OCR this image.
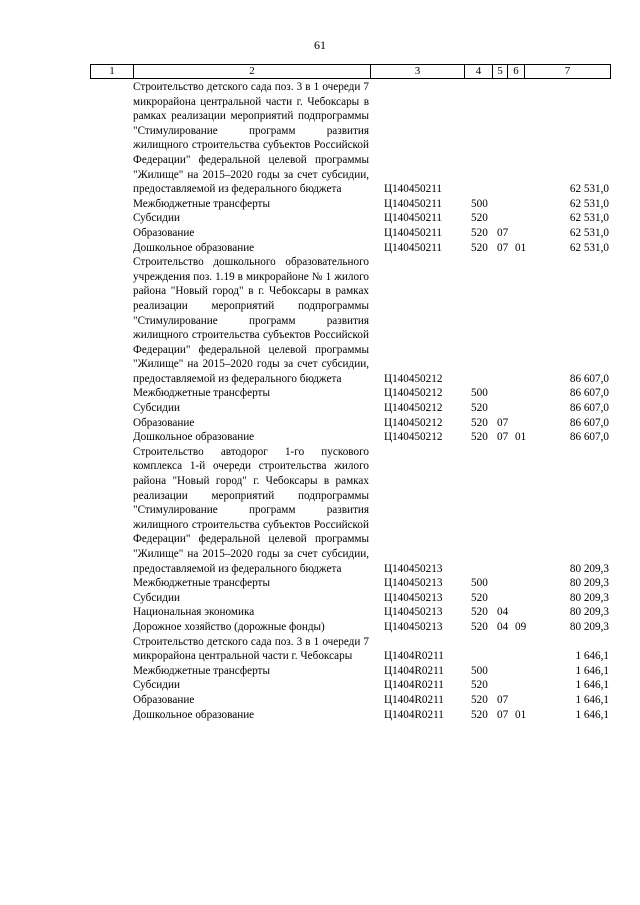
61
1	2	3	4	5 6	7
Строительство детского сада поз. 3 в 1 очереди 7 микрорайона центральной части г. Чебоксары в рамках реализации мероприятий подпрограммы "Стимулирование программ развития жилищного строительства субъектов Российской Федерации" федеральной целевой программы "Жилище" на 2015–2020 годы за счет субсидии, предоставляемой из федерального бюджета	Ц140450211	62 531,0
Межбюджетные трансферты	Ц140450211	500	62 531,0
Субсидии	Ц140450211	520	62 531,0
Образование	Ц140450211	520 07	62 531,0
Дошкольное образование	Ц140450211	520 07 01	62 531,0
Строительство дошкольного образовательного учреждения поз. 1.19 в микрорайоне № 1 жилого района "Новый город" в г. Чебоксары в рамках реализации мероприятий подпрограммы "Стимулирование программ развития жилищного строительства субъектов Российской Федерации" федеральной целевой программы "Жилище" на 2015–2020 годы за счет субсидии, предоставляемой из федерального бюджета	Ц140450212	86 607,0
Межбюджетные трансферты	Ц140450212	500	86 607,0
Субсидии	Ц140450212	520	86 607,0
Образование	Ц140450212	520 07	86 607,0
Дошкольное образование	Ц140450212	520 07 01	86 607,0
Строительство автодорог 1-го пускового комплекса 1-й очереди строительства жилого района "Новый город" г. Чебоксары в рамках реализации мероприятий подпрограммы "Стимулирование программ развития жилищного строительства субъектов Российской Федерации" федеральной целевой программы "Жилище" на 2015–2020 годы за счет субсидии, предоставляемой из федерального бюджета	Ц140450213	80 209,3
Межбюджетные трансферты	Ц140450213	500	80 209,3
Субсидии	Ц140450213	520	80 209,3
Национальная экономика	Ц140450213	520 04	80 209,3
Дорожное хозяйство (дорожные фонды)	Ц140450213	520 04 09	80 209,3
Строительство детского сада поз. 3 в 1 очереди 7 микрорайона центральной части г. Чебоксары	Ц1404R0211	1 646,1
Межбюджетные трансферты	Ц1404R0211 500	1 646,1
Субсидии	Ц1404R0211 520	1 646,1
Образование	Ц1404R0211 520 07	1 646,1
Дошкольное образование	Ц1404R0211 520 07 01	1 646,1
